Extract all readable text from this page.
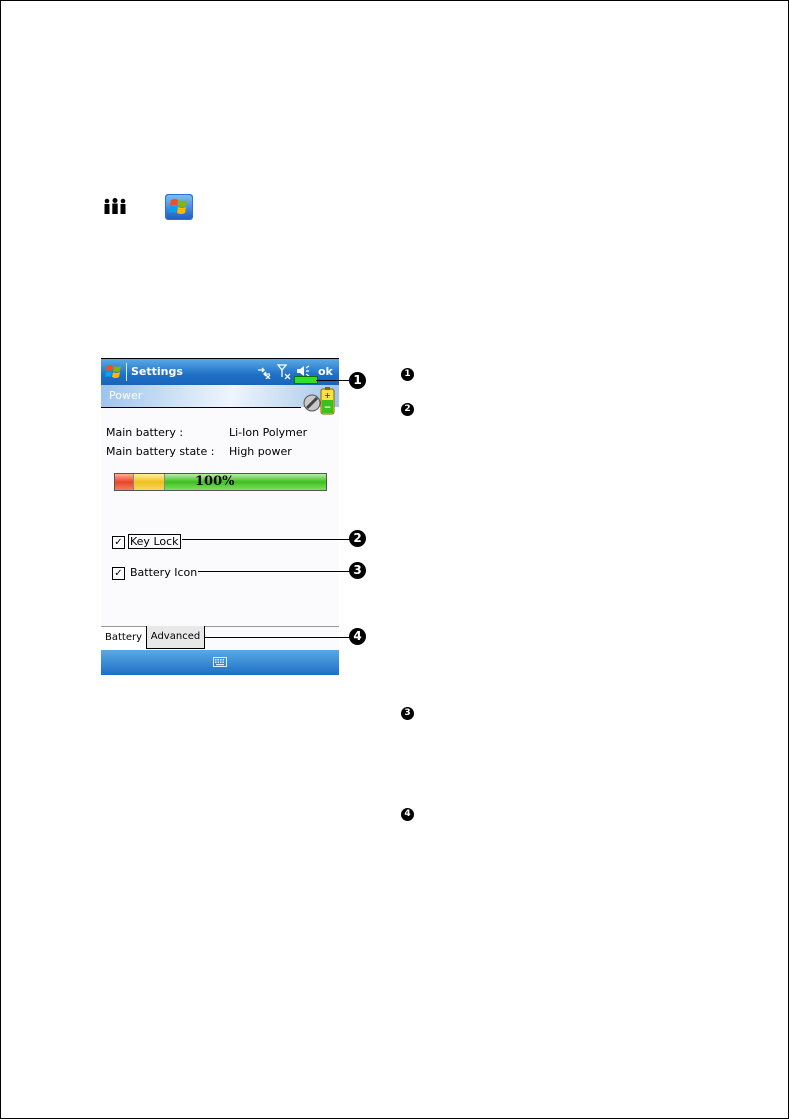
Settings	ok
Power	+
−
Main battery :	Li-Ion Polymer
Main battery state : High power
100%
✓ Key Lock
✓ Battery Icon
Battery Advanced
1
2
3
4
1
2
3
4
